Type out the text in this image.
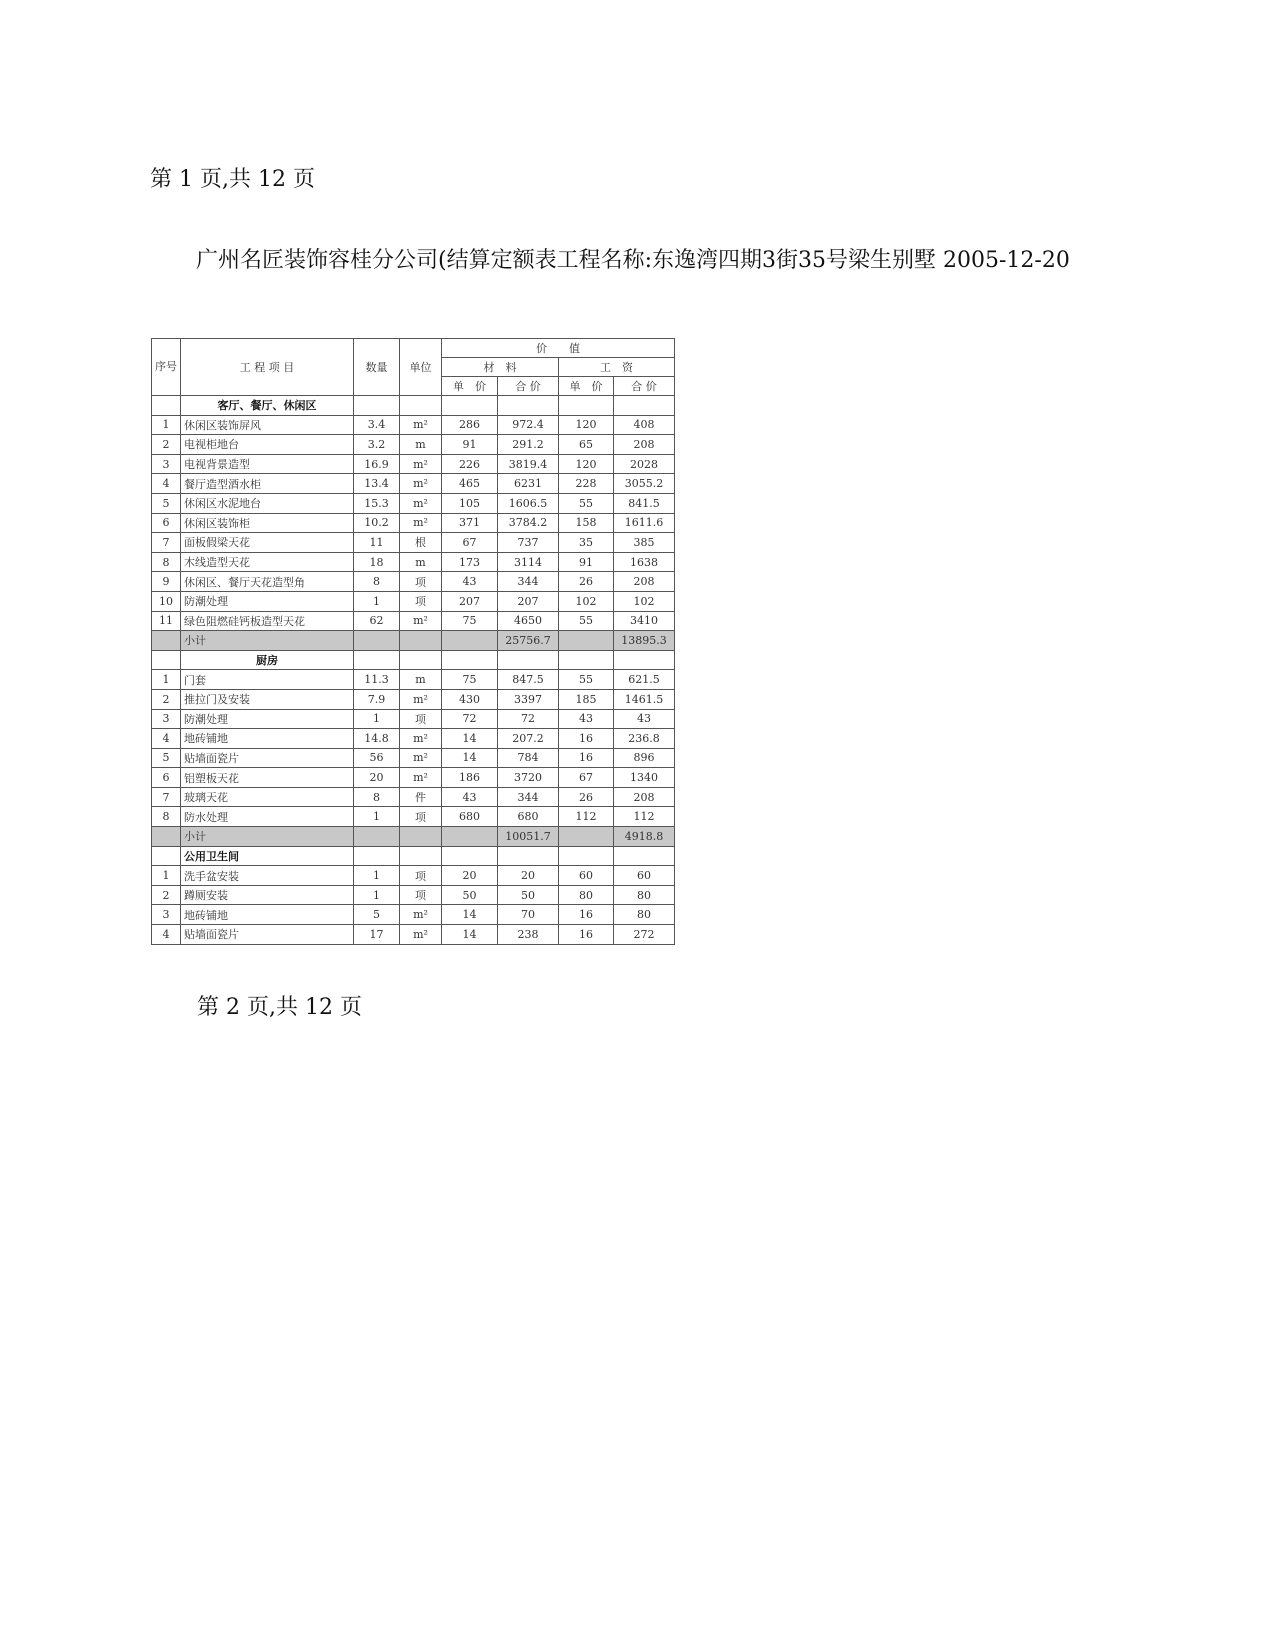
第 1 页,共 12 页
广州名匠装饰容桂分公司(结算定额表工程名称:东逸湾四期3街35号梁生别墅 2005-12-20
序号	工 程 项 目	数量	单位	价　　值			
				材　料		工　资	
				单　价	合 价	单　价	合 价
	客厅、餐厅、休闲区						
1	休闲区装饰屏风	3.4	m²	286	972.4	120	408
2	电视柜地台	3.2	m	91	291.2	65	208
3	电视背景造型	16.9	m²	226	3819.4	120	2028
4	餐厅造型酒水柜	13.4	m²	465	6231	228	3055.2
5	休闲区水泥地台	15.3	m²	105	1606.5	55	841.5
6	休闲区装饰柜	10.2	m²	371	3784.2	158	1611.6
7	面板假梁天花	11	根	67	737	35	385
8	木线造型天花	18	m	173	3114	91	1638
9	休闲区、餐厅天花造型角	8	项	43	344	26	208
10	防潮处理	1	项	207	207	102	102
11	绿色阻燃硅钙板造型天花	62	m²	75	4650	55	3410
	小计				25756.7		13895.3
	厨房						
1	门套	11.3	m	75	847.5	55	621.5
2	推拉门及安装	7.9	m²	430	3397	185	1461.5
3	防潮处理	1	项	72	72	43	43
4	地砖铺地	14.8	m²	14	207.2	16	236.8
5	贴墙面瓷片	56	m²	14	784	16	896
6	铝塑板天花	20	m²	186	3720	67	1340
7	玻璃天花	8	件	43	344	26	208
8	防水处理	1	项	680	680	112	112
	小计				10051.7		4918.8
	公用卫生间						
1	洗手盆安装	1	项	20	20	60	60
2	蹲厕安装	1	项	50	50	80	80
3	地砖铺地	5	m²	14	70	16	80
4	贴墙面瓷片	17	m²	14	238	16	272
第 2 页,共 12 页
